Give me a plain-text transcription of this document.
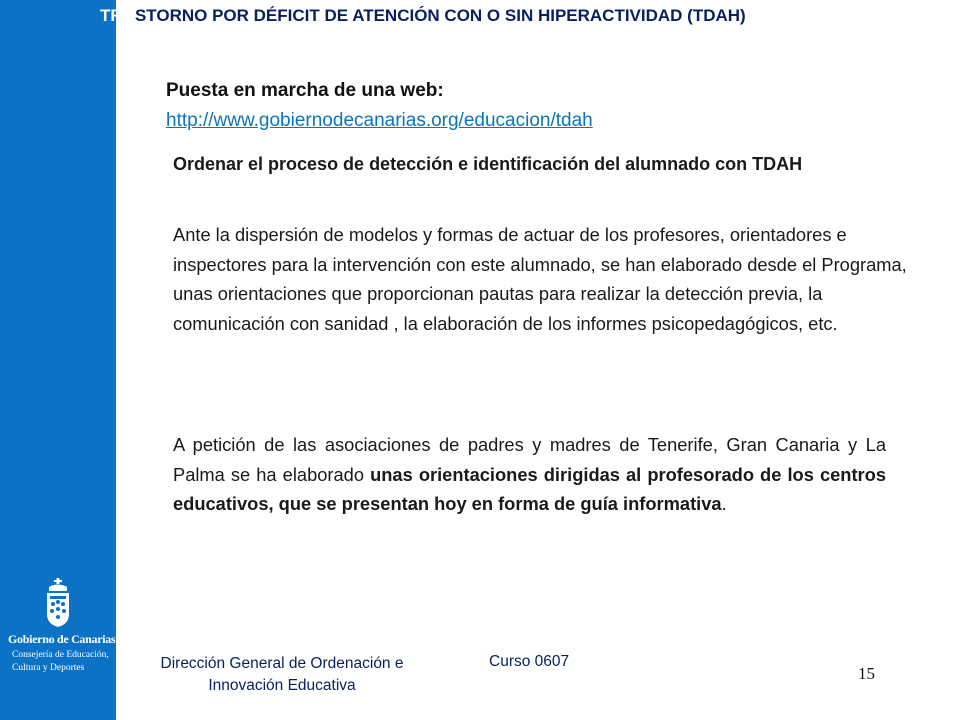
TRASTORNO POR DÉFICIT DE ATENCIÓN CON O SIN HIPERACTIVIDAD (TDAH)
Puesta en marcha de una web:
http://www.gobiernodecanarias.org/educacion/tdah
Ordenar el proceso de detección e identificación del alumnado con TDAH
Ante la dispersión de modelos y formas de actuar de los profesores, orientadores e inspectores para la intervención con este alumnado, se han elaborado desde el Programa, unas orientaciones que proporcionan pautas para realizar la detección previa, la comunicación con sanidad , la elaboración de los informes psicopedagógicos, etc.
A petición de las asociaciones de padres y madres de Tenerife, Gran Canaria y La Palma se ha elaborado unas orientaciones dirigidas al profesorado de los centros educativos, que se presentan hoy en forma de guía informativa.
Gobierno de Canarias
Consejería de Educación,
Cultura y Deportes	Dirección General de Ordenación e Innovación Educativa
Curso 0607
15
